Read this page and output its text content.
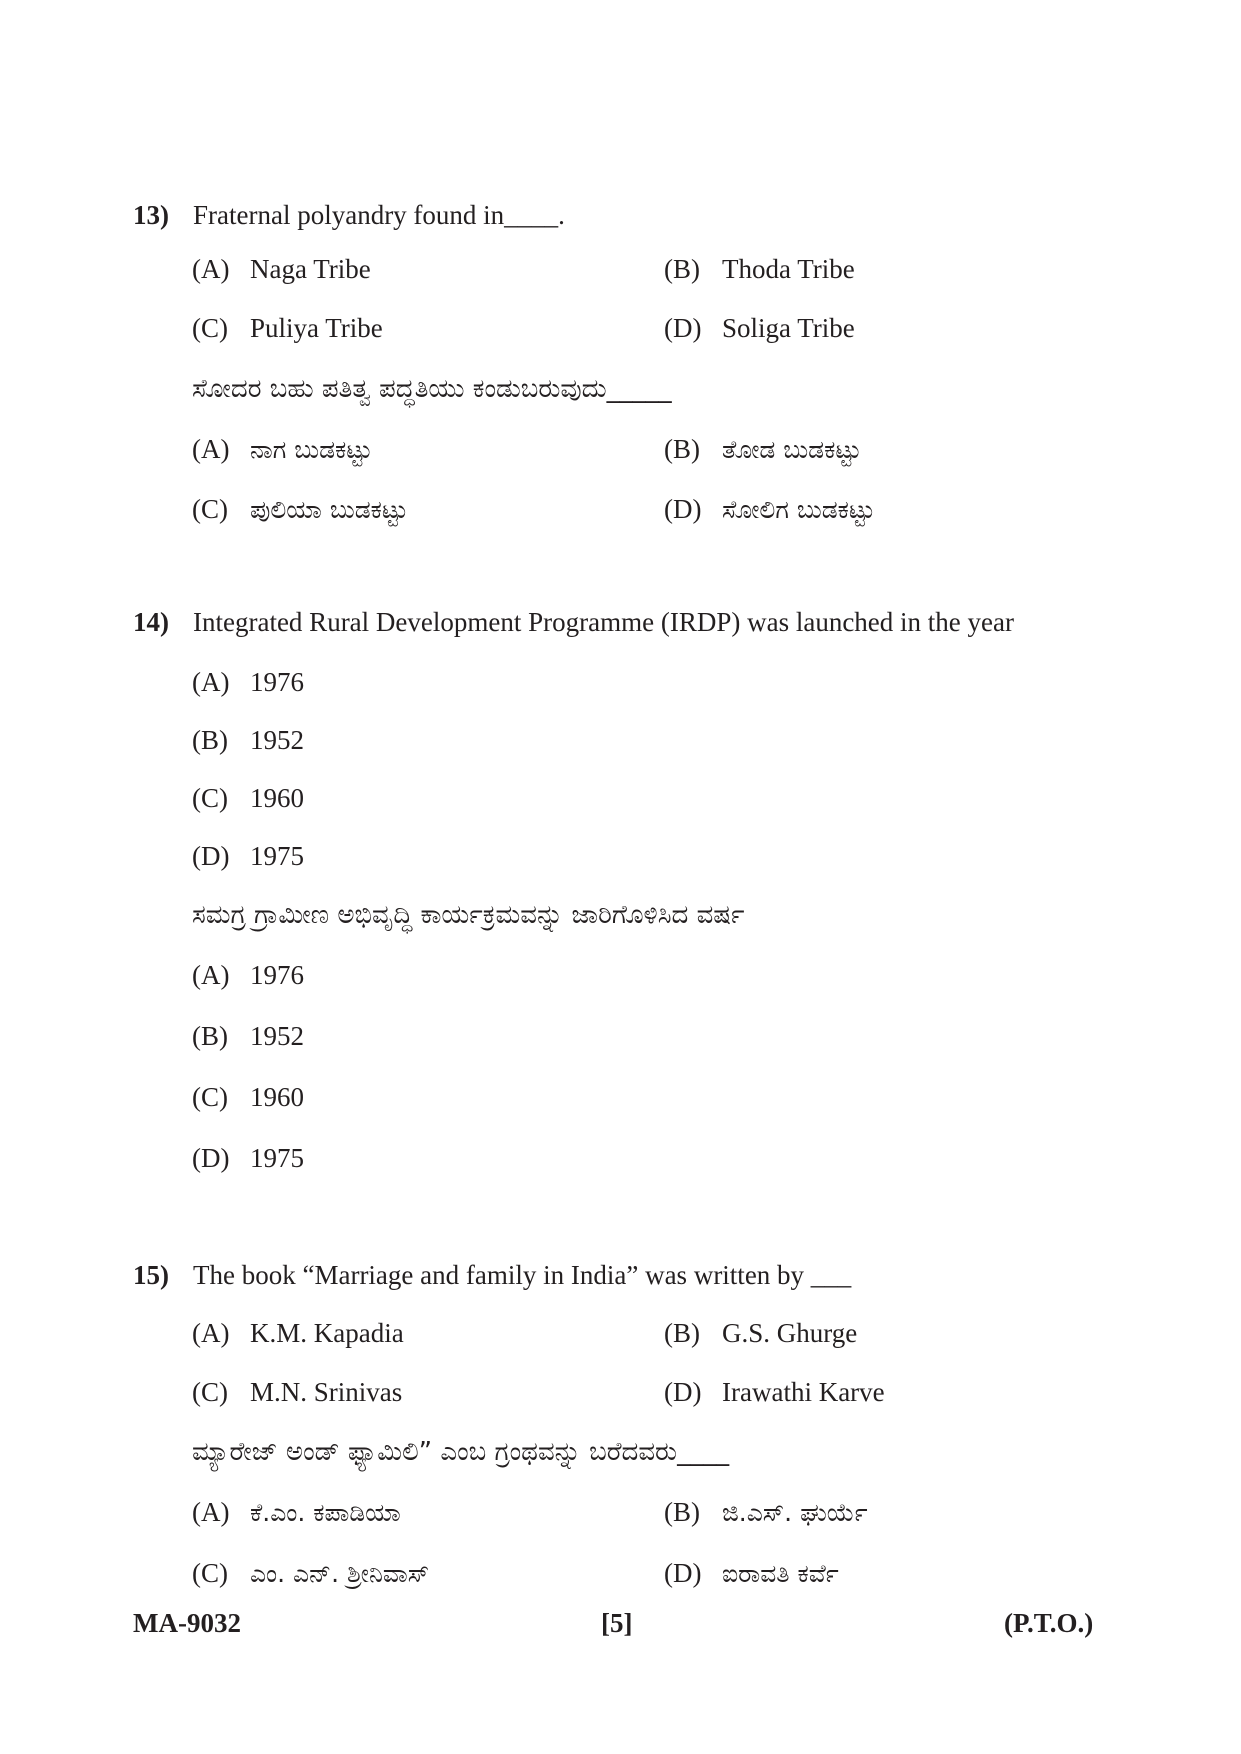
13) Fraternal polyandry found in____.
(A) Naga Tribe	(B) Thoda Tribe
(C) Puliya Tribe	(D) Soliga Tribe
ಸೋದರ ಬಹು ಪತಿತ್ವ ಪದ್ಧತಿಯು ಕಂಡುಬರುವುದು_____
(A) ನಾಗ ಬುಡಕಟ್ಟು	(B) ತೋಡ ಬುಡಕಟ್ಟು
(C) ಪುಲಿಯಾ ಬುಡಕಟ್ಟು	(D) ಸೋಲಿಗ ಬುಡಕಟ್ಟು
14) Integrated Rural Development Programme (IRDP) was launched in the year
(A) 1976
(B) 1952
(C) 1960
(D) 1975
ಸಮಗ್ರ ಗ್ರಾಮೀಣ ಅಭಿವೃದ್ಧಿ ಕಾರ್ಯಕ್ರಮವನ್ನು ಜಾರಿಗೊಳಿಸಿದ ವರ್ಷ
(A) 1976
(B) 1952
(C) 1960
(D) 1975
15) The book “Marriage and family in India” was written by ___
(A) K.M. Kapadia	(B) G.S. Ghurge
(C) M.N. Srinivas	(D) Irawathi Karve
ಮ್ಯಾರೇಜ್ ಅಂಡ್ ಫ್ಯಾಮಿಲಿ” ಎಂಬ ಗ್ರಂಥವನ್ನು ಬರೆದವರು____
(A) ಕೆ.ಎಂ. ಕಪಾಡಿಯಾ	(B) ಜಿ.ಎಸ್. ಘುರ್ಯೆ
(C) ಎಂ. ಎನ್. ಶ್ರೀನಿವಾಸ್	(D) ಐರಾವತಿ ಕರ್ವೆ
MA-9032	[5]	(P.T.O.)
